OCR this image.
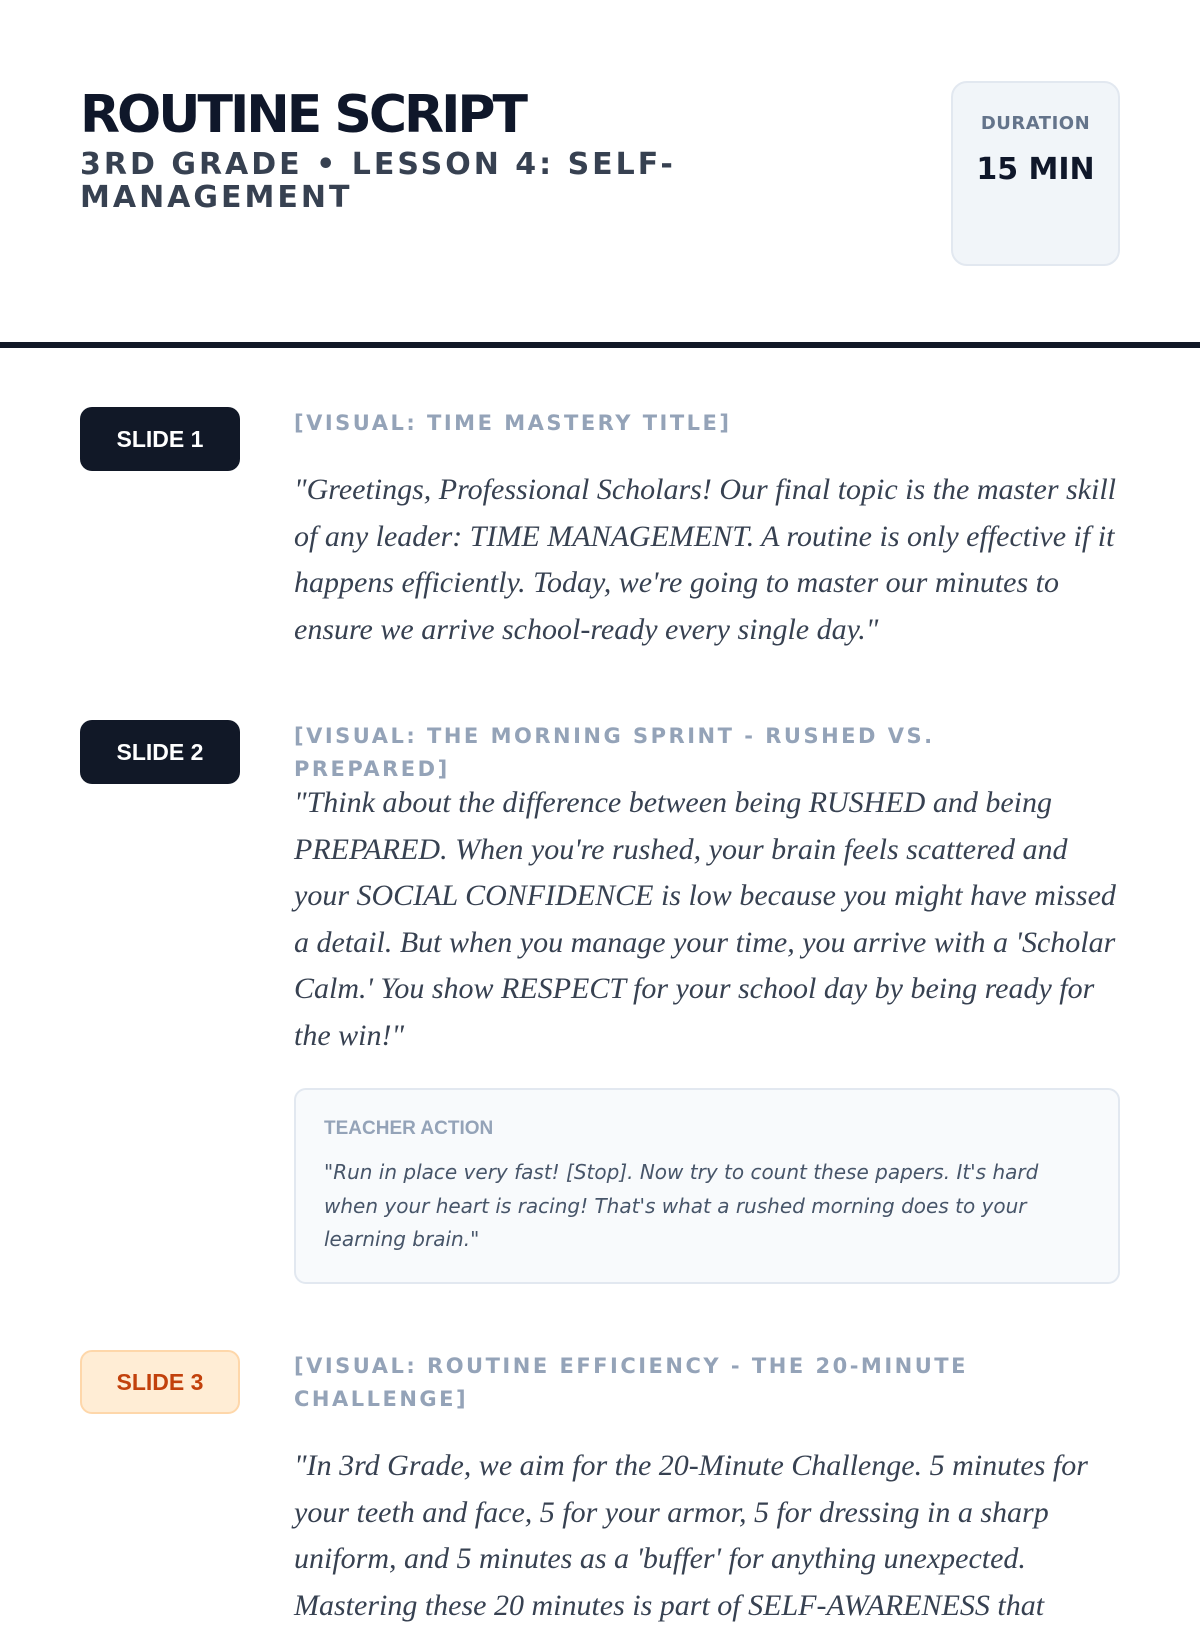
ROUTINE SCRIPT
3RD GRADE • LESSON 4: SELF-MANAGEMENT
DURATION
15 MIN
SLIDE 1
[VISUAL: TIME MASTERY TITLE]

"Greetings, Professional Scholars! Our final topic is the master skill of any leader: TIME MANAGEMENT. A routine is only effective if it happens efficiently. Today, we're going to master our minutes to ensure we arrive school-ready every single day."

SLIDE 2
[VISUAL: THE MORNING SPRINT - RUSHED VS. PREPARED]

"Think about the difference between being RUSHED and being PREPARED. When you're rushed, your brain feels scattered and your SOCIAL CONFIDENCE is low because you might have missed a detail. But when you manage your time, you arrive with a 'Scholar Calm.' You show RESPECT for your school day by being ready for the win!"

TEACHER ACTION

"Run in place very fast! [Stop]. Now try to count these papers. It's hard when your heart is racing! That's what a rushed morning does to your learning brain."

SLIDE 3
[VISUAL: ROUTINE EFFICIENCY - THE 20-MINUTE CHALLENGE]

"In 3rd Grade, we aim for the 20-Minute Challenge. 5 minutes for your teeth and face, 5 for your armor, 5 for dressing in a sharp uniform, and 5 minutes as a 'buffer' for anything unexpected. Mastering these 20 minutes is part of SELF-AWARENESS that
